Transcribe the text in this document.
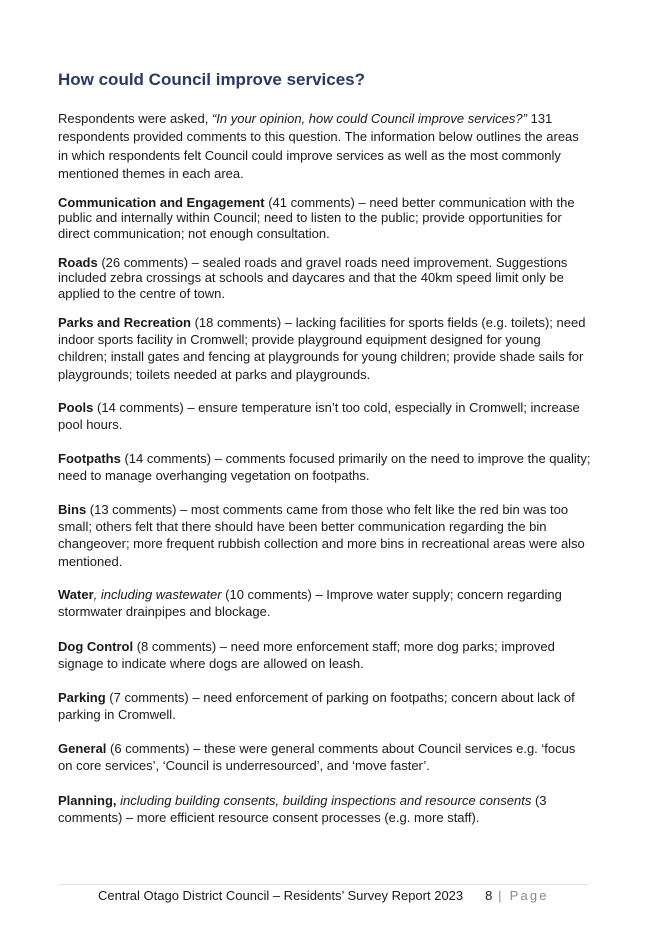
How could Council improve services?

Respondents were asked, “In your opinion, how could Council improve services?” 131 respondents provided comments to this question. The information below outlines the areas in which respondents felt Council could improve services as well as the most commonly mentioned themes in each area.

Communication and Engagement (41 comments) – need better communication with the public and internally within Council; need to listen to the public; provide opportunities for direct communication; not enough consultation.

Roads (26 comments) – sealed roads and gravel roads need improvement. Suggestions included zebra crossings at schools and daycares and that the 40km speed limit only be applied to the centre of town.

Parks and Recreation (18 comments) – lacking facilities for sports fields (e.g. toilets); need indoor sports facility in Cromwell; provide playground equipment designed for young children; install gates and fencing at playgrounds for young children; provide shade sails for playgrounds; toilets needed at parks and playgrounds.

Pools (14 comments) – ensure temperature isn’t too cold, especially in Cromwell; increase pool hours.

Footpaths (14 comments) – comments focused primarily on the need to improve the quality; need to manage overhanging vegetation on footpaths.

Bins (13 comments) – most comments came from those who felt like the red bin was too small; others felt that there should have been better communication regarding the bin changeover; more frequent rubbish collection and more bins in recreational areas were also mentioned.

Water, including wastewater (10 comments) – Improve water supply; concern regarding stormwater drainpipes and blockage.

Dog Control (8 comments) – need more enforcement staff; more dog parks; improved signage to indicate where dogs are allowed on leash.

Parking (7 comments) – need enforcement of parking on footpaths; concern about lack of parking in Cromwell.

General (6 comments) – these were general comments about Council services e.g. ‘focus on core services’, ‘Council is underresourced’, and ‘move faster’.

Planning, including building consents, building inspections and resource consents (3 comments) – more efficient resource consent processes (e.g. more staff).

Central Otago District Council – Residents’ Survey Report 2023 8 | Page
